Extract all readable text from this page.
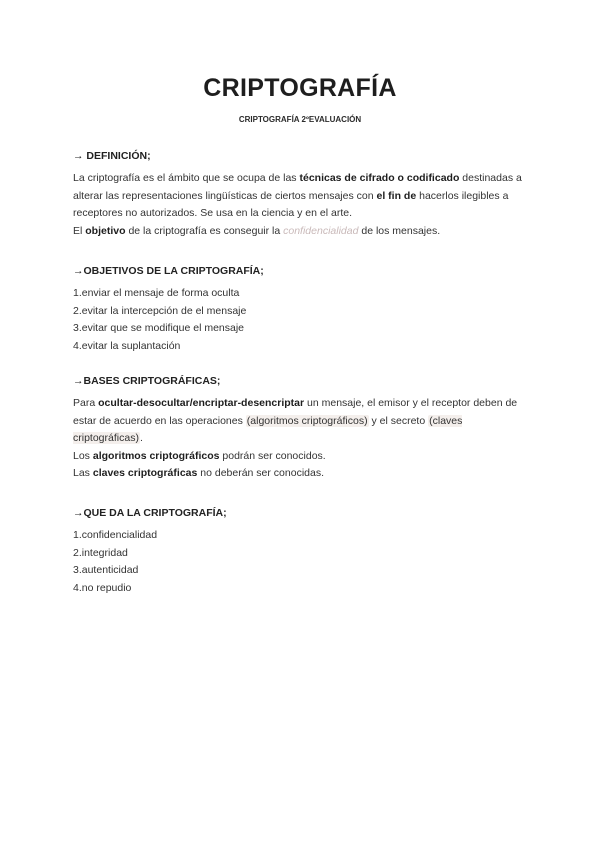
CRIPTOGRAFÍA
CRIPTOGRAFÍA 2ºEVALUACIÓN
→ DEFINICIÓN;

La criptografía es el ámbito que se ocupa de las técnicas de cifrado o codificado destinadas a alterar las representaciones lingüísticas de ciertos mensajes con el fin de hacerlos ilegibles a receptores no autorizados. Se usa en la ciencia y en el arte.

El objetivo de la criptografía es conseguir la confidencialidad de los mensajes.

→OBJETIVOS DE LA CRIPTOGRAFÍA;

1.enviar el mensaje de forma oculta

2.evitar la intercepción de el mensaje

3.evitar que se modifique el mensaje

4.evitar la suplantación

→BASES CRIPTOGRÁFICAS;

Para ocultar-desocultar/encriptar-desencriptar un mensaje, el emisor y el receptor deben de estar de acuerdo en las operaciones (algoritmos criptográficos) y el secreto (claves criptográficas).

Los algoritmos criptográficos podrán ser conocidos.

Las claves criptográficas no deberán ser conocidas.

→QUE DA LA CRIPTOGRAFÍA;

1.confidencialidad

2.integridad

3.autenticidad

4.no repudio
